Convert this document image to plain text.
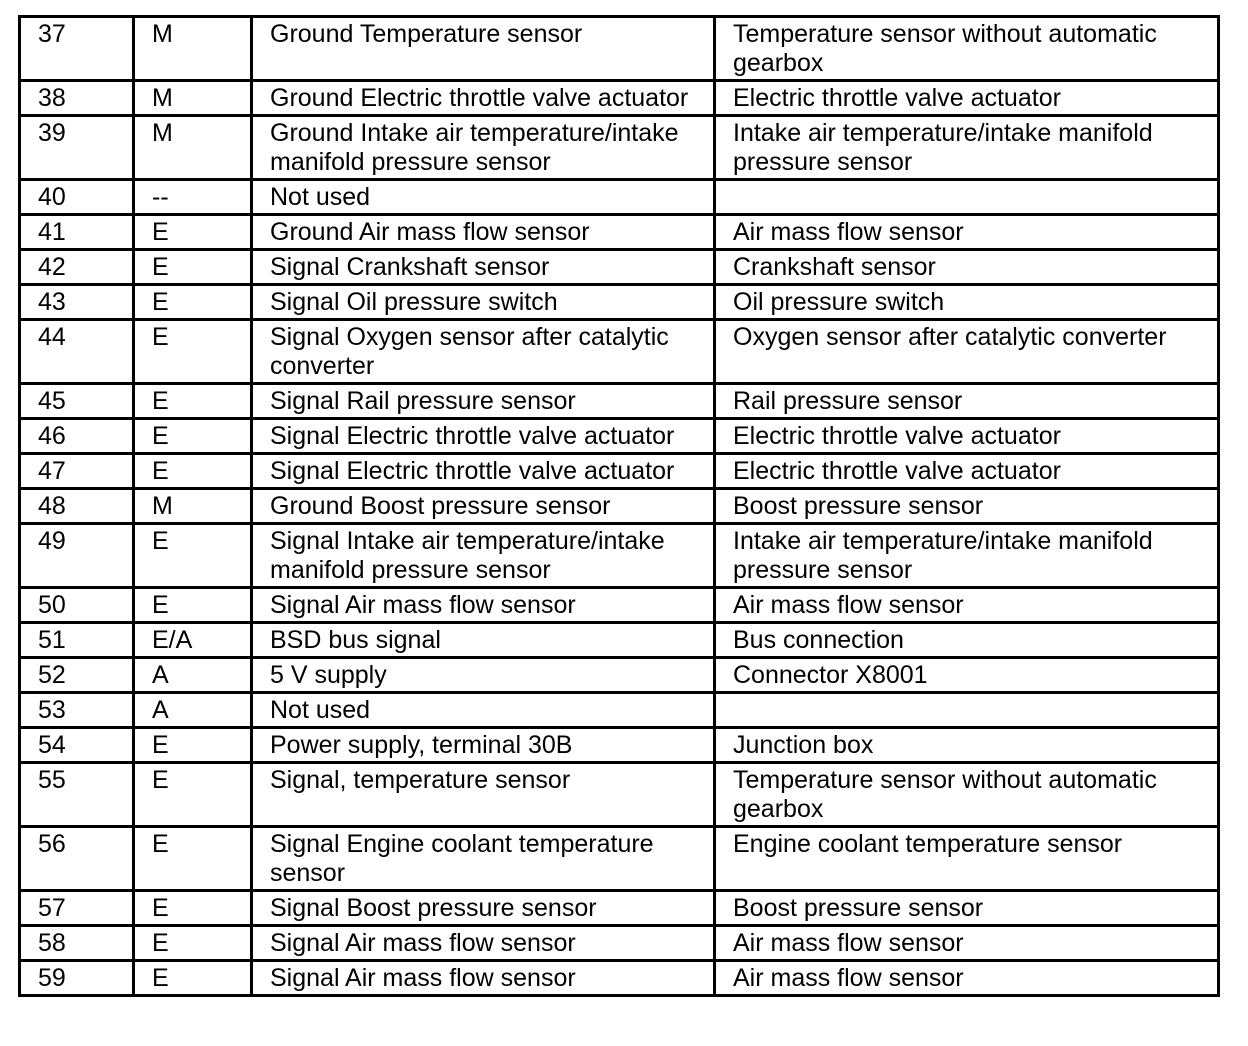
37	M	Ground Temperature sensor	Temperature sensor without automatic gearbox
38	M	Ground Electric throttle valve actuator	Electric throttle valve actuator
39	M	Ground Intake air temperature/intake manifold pressure sensor	Intake air temperature/intake manifold pressure sensor
40	--	Not used	
41	E	Ground Air mass flow sensor	Air mass flow sensor
42	E	Signal Crankshaft sensor	Crankshaft sensor
43	E	Signal Oil pressure switch	Oil pressure switch
44	E	Signal Oxygen sensor after catalytic converter	Oxygen sensor after catalytic converter
45	E	Signal Rail pressure sensor	Rail pressure sensor
46	E	Signal Electric throttle valve actuator	Electric throttle valve actuator
47	E	Signal Electric throttle valve actuator	Electric throttle valve actuator
48	M	Ground Boost pressure sensor	Boost pressure sensor
49	E	Signal Intake air temperature/intake manifold pressure sensor	Intake air temperature/intake manifold pressure sensor
50	E	Signal Air mass flow sensor	Air mass flow sensor
51	E/A	BSD bus signal	Bus connection
52	A	5 V supply	Connector X8001
53	A	Not used	
54	E	Power supply, terminal 30B	Junction box
55	E	Signal, temperature sensor	Temperature sensor without automatic gearbox
56	E	Signal Engine coolant temperature sensor	Engine coolant temperature sensor
57	E	Signal Boost pressure sensor	Boost pressure sensor
58	E	Signal Air mass flow sensor	Air mass flow sensor
59	E	Signal Air mass flow sensor	Air mass flow sensor
